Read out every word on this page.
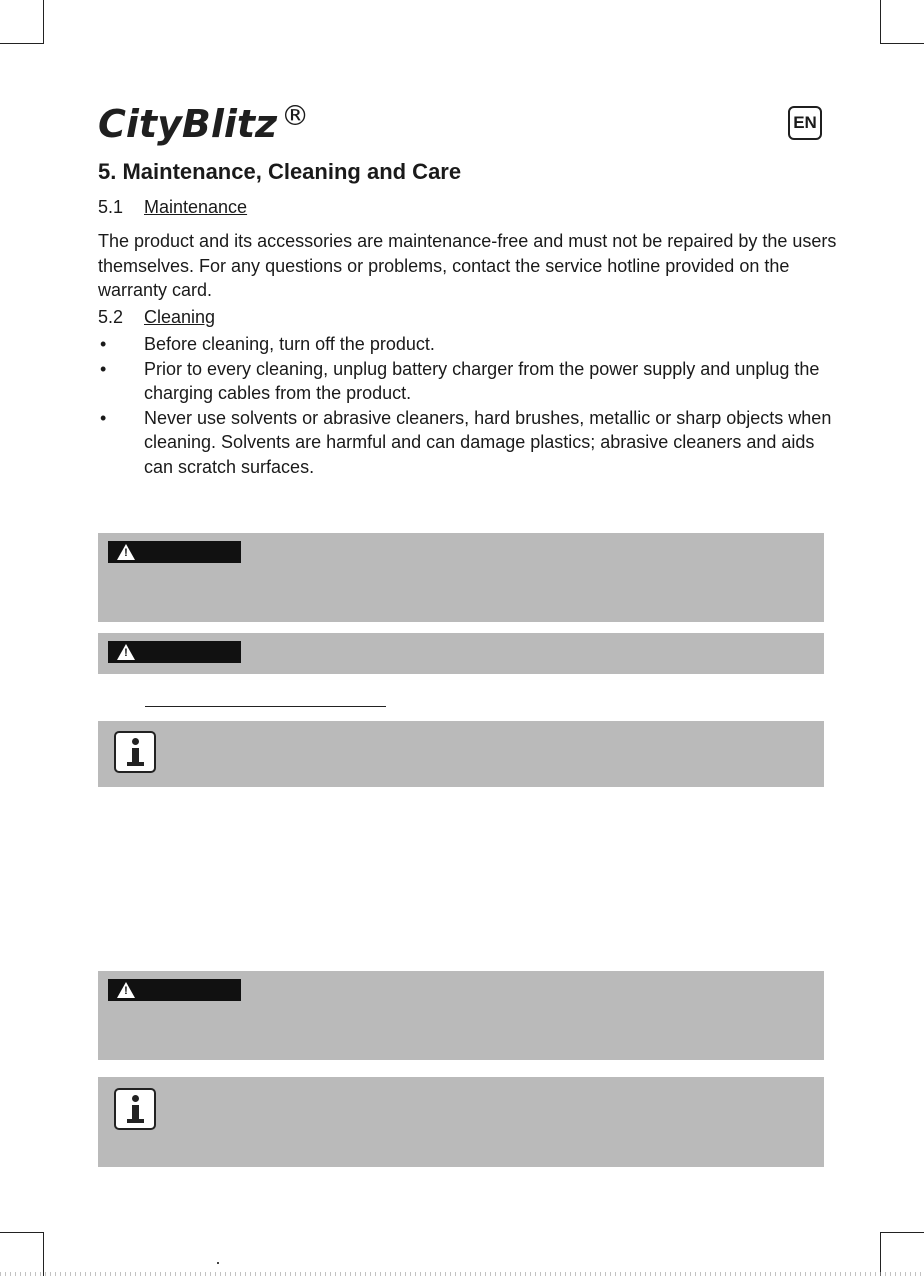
CityBlitz ®	EN
5. Maintenance, Cleaning and Care
5.1 Maintenance
The product and its accessories are maintenance-free and must not be repaired by the users themselves. For any questions or problems, contact the service hotline provided on the warranty card.
5.2 Cleaning
• Before cleaning, turn off the product.
• Prior to every cleaning, unplug battery charger from the power supply and unplug the charging cables from the product.
• Never use solvents or abrasive cleaners, hard brushes, metallic or sharp objects when cleaning. Solvents are harmful and can damage plastics; abrasive cleaners and aids can scratch surfaces.
!
!
!
